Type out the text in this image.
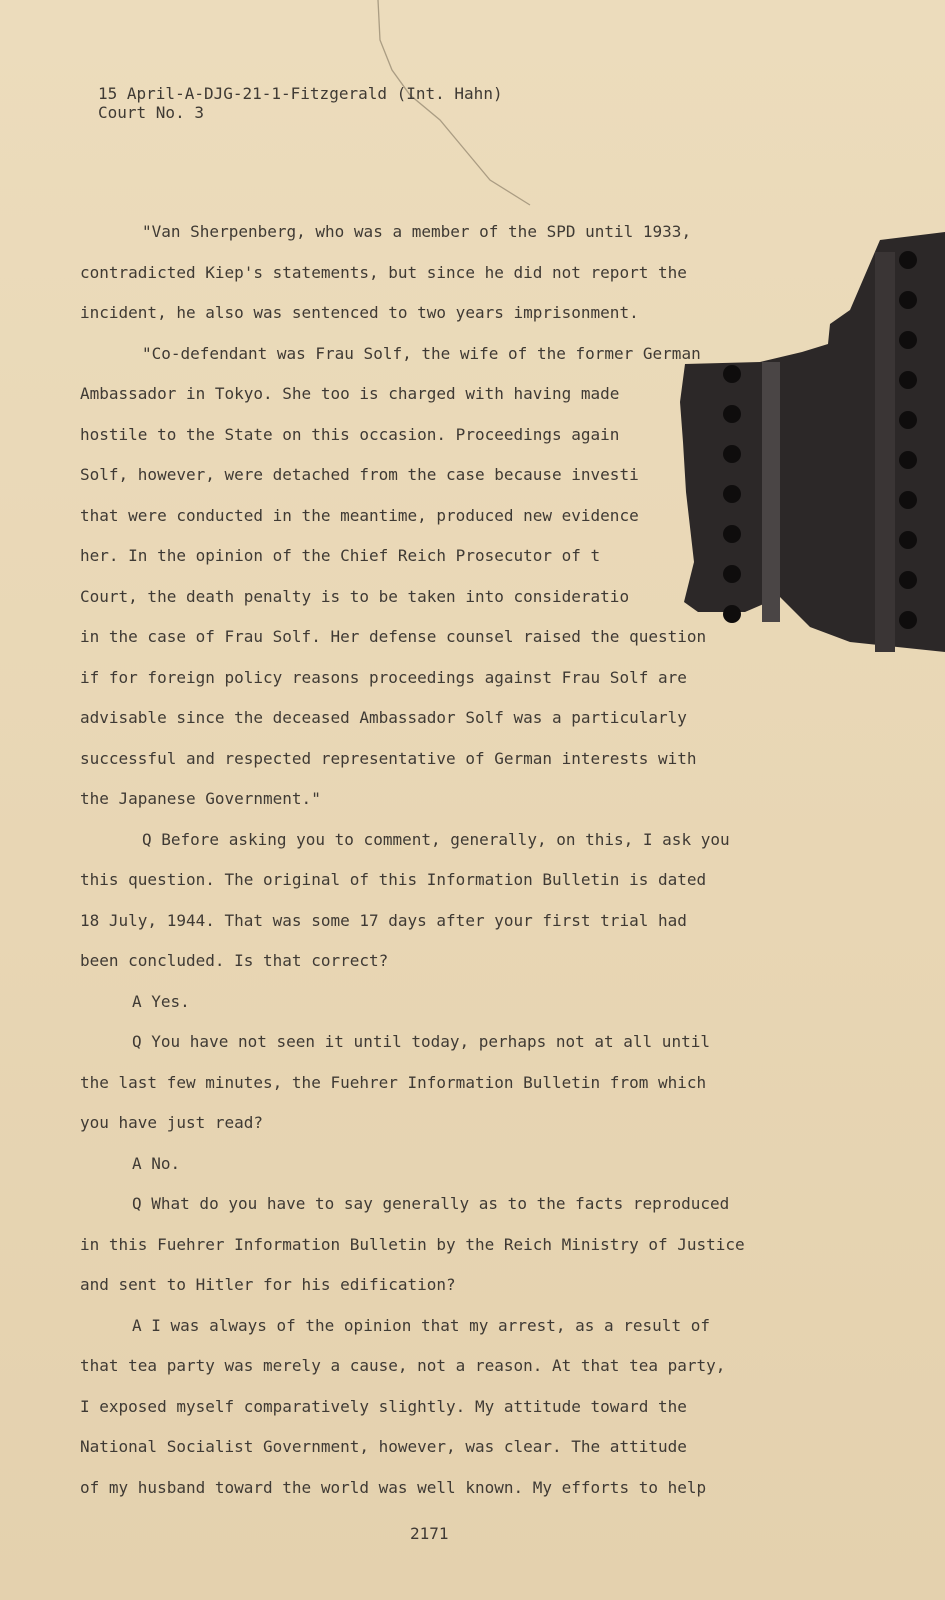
15 April-A-DJG-21-1-Fitzgerald (Int. Hahn)
Court No. 3
"Van Sherpenberg, who was a member of the SPD until 1933,
contradicted Kiep's statements, but since he did not report the
incident, he also was sentenced to two years imprisonment.
"Co-defendant was Frau Solf, the wife of the former German
Ambassador in Tokyo. She too is charged with having made
hostile to the State on this occasion. Proceedings again
Solf, however, were detached from the case because investi
that were conducted in the meantime, produced new evidence
her. In the opinion of the Chief Reich Prosecutor of t
Court, the death penalty is to be taken into consideratio
in the case of Frau Solf. Her defense counsel raised the question
if for foreign policy reasons proceedings against Frau Solf are
advisable since the deceased Ambassador Solf was a particularly
successful and respected representative of German interests with
the Japanese Government."
Q Before asking you to comment, generally, on this, I ask you
this question. The original of this Information Bulletin is dated
18 July, 1944. That was some 17 days after your first trial had
been concluded. Is that correct?
A Yes.
Q You have not seen it until today, perhaps not at all until
the last few minutes, the Fuehrer Information Bulletin from which
you have just read?
A No.
Q What do you have to say generally as to the facts reproduced
in this Fuehrer Information Bulletin by the Reich Ministry of Justice
and sent to Hitler for his edification?
A I was always of the opinion that my arrest, as a result of
that tea party was merely a cause, not a reason. At that tea party,
I exposed myself comparatively slightly. My attitude toward the
National Socialist Government, however, was clear. The attitude
of my husband toward the world was well known. My efforts to help
2171
